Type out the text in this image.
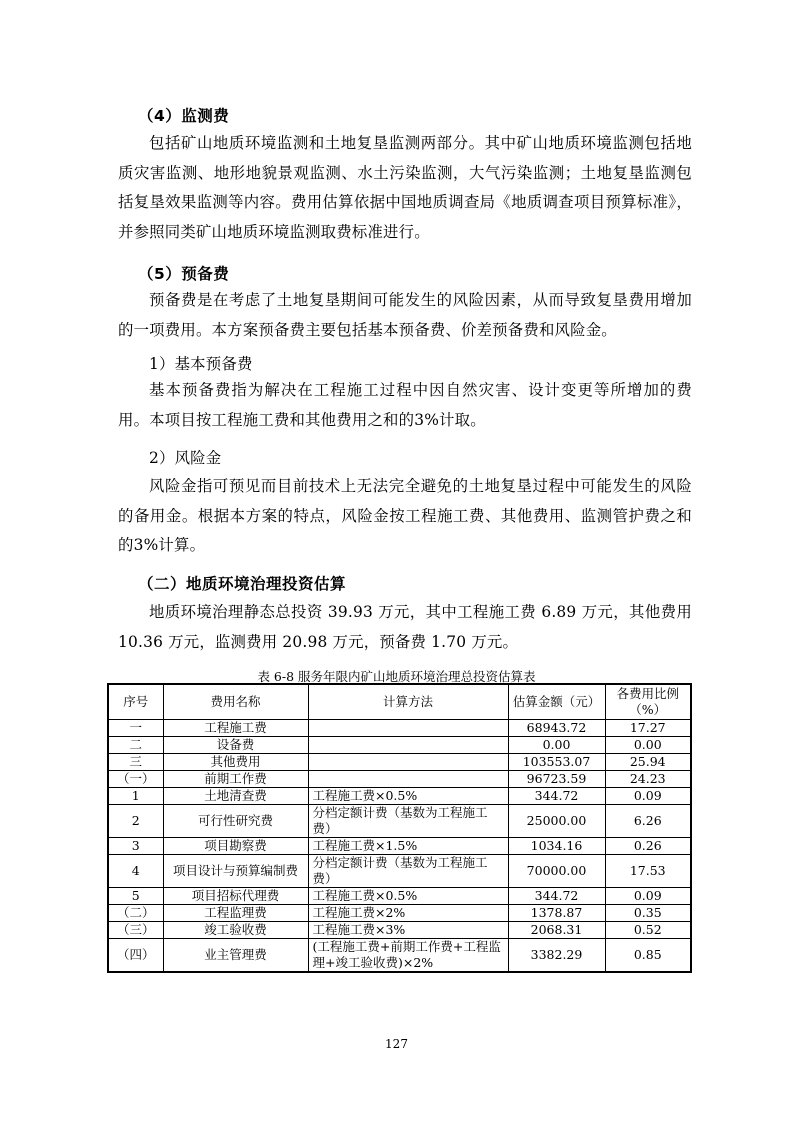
（4）监测费

包括矿山地质环境监测和土地复垦监测两部分。其中矿山地质环境监测包括地质灾害监测、地形地貌景观监测、水土污染监测，大气污染监测；土地复垦监测包括复垦效果监测等内容。费用估算依据中国地质调查局《地质调查项目预算标准》，并参照同类矿山地质环境监测取费标准进行。

（5）预备费

预备费是在考虑了土地复垦期间可能发生的风险因素，从而导致复垦费用增加的一项费用。本方案预备费主要包括基本预备费、价差预备费和风险金。

1）基本预备费

基本预备费指为解决在工程施工过程中因自然灾害、设计变更等所增加的费用。本项目按工程施工费和其他费用之和的3%计取。

2）风险金

风险金指可预见而目前技术上无法完全避免的土地复垦过程中可能发生的风险的备用金。根据本方案的特点，风险金按工程施工费、其他费用、监测管护费之和的3%计算。

（二）地质环境治理投资估算

地质环境治理静态总投资 39.93 万元，其中工程施工费 6.89 万元，其他费用 10.36 万元，监测费用 20.98 万元，预备费 1.70 万元。

表 6-8 服务年限内矿山地质环境治理总投资估算表
序号	费用名称	计算方法	估算金额（元）	各费用比例（%）
一	工程施工费		68943.72	17.27
二	设备费		0.00	0.00
三	其他费用		103553.07	25.94
（一）	前期工作费		96723.59	24.23
1	土地清查费	工程施工费×0.5%	344.72	0.09
2	可行性研究费	分档定额计费（基数为工程施工费）	25000.00	6.26
3	项目勘察费	工程施工费×1.5%	1034.16	0.26
4	项目设计与预算编制费	分档定额计费（基数为工程施工费）	70000.00	17.53
5	项目招标代理费	工程施工费×0.5%	344.72	0.09
（二）	工程监理费	工程施工费×2%	1378.87	0.35
（三）	竣工验收费	工程施工费×3%	2068.31	0.52
（四）	业主管理费	(工程施工费+前期工作费+工程监理+竣工验收费)×2%	3382.29	0.85
127
